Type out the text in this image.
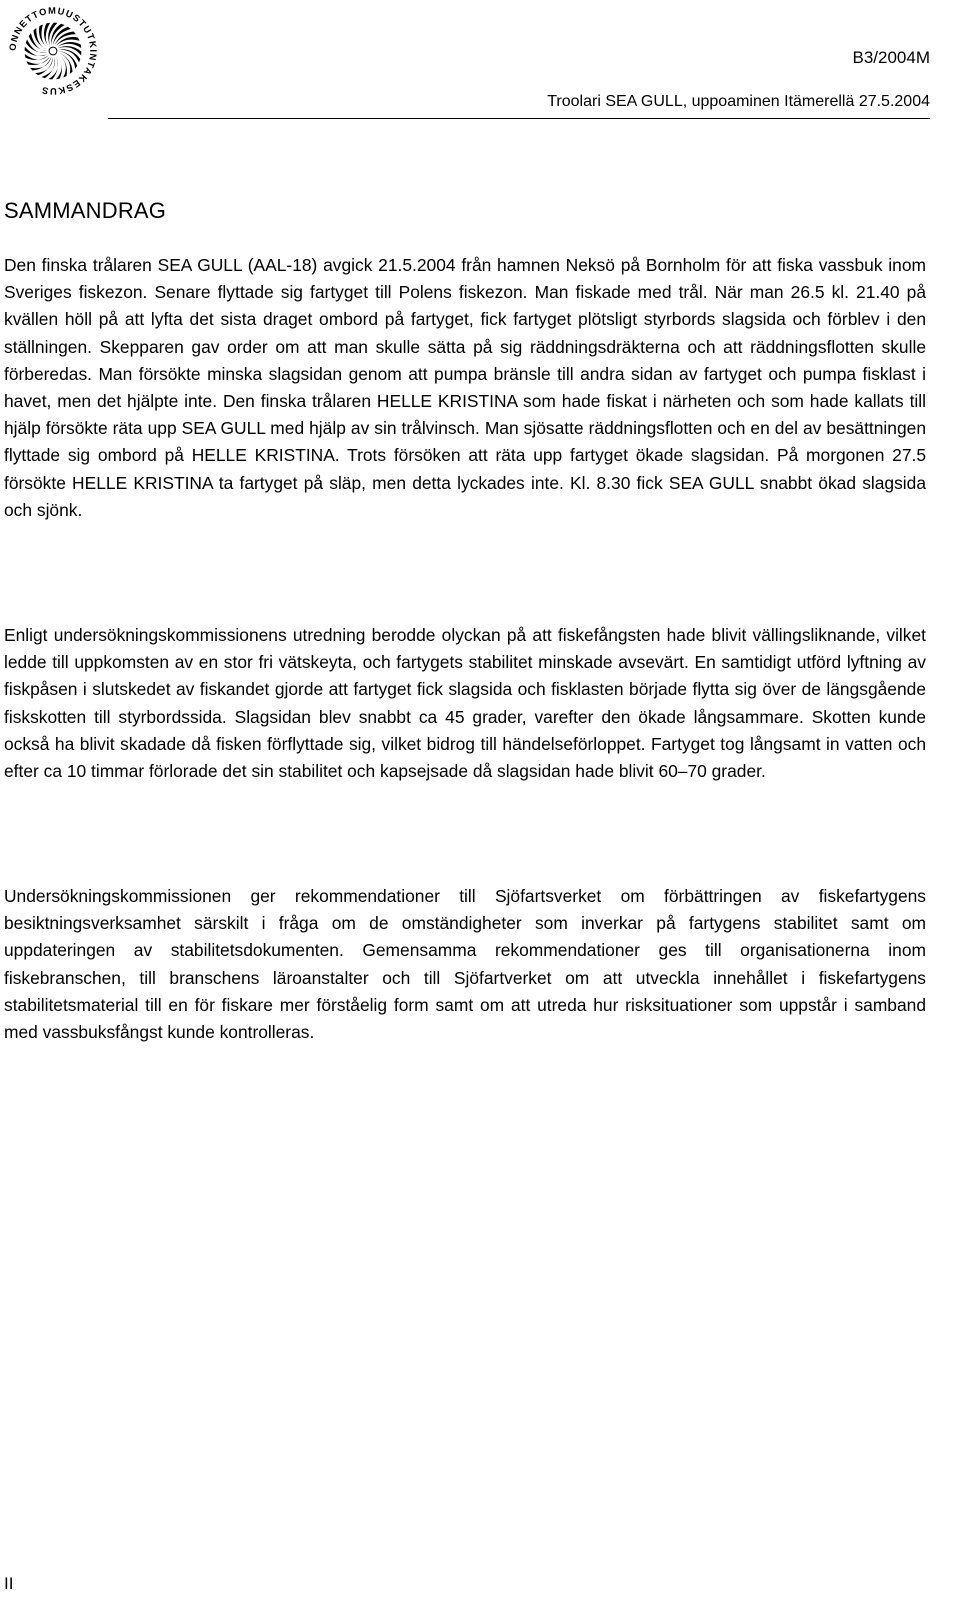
ONNETTOMUUSTUTKINTAKESKUS
B3/2004M
Troolari SEA GULL, uppoaminen Itämerellä 27.5.2004
SAMMANDRAG

Den finska trålaren SEA GULL (AAL-18) avgick 21.5.2004 från hamnen Neksö på Bornholm för att fiska vassbuk inom Sveriges fiskezon. Senare flyttade sig fartyget till Polens fiskezon. Man fiskade med trål. När man 26.5 kl. 21.40 på kvällen höll på att lyfta det sista draget ombord på fartyget, fick fartyget plötsligt styrbords slagsida och förblev i den ställningen. Skepparen gav order om att man skulle sätta på sig räddningsdräkterna och att räddningsflotten skulle förberedas. Man försökte minska slagsidan genom att pumpa bränsle till andra sidan av fartyget och pumpa fisklast i havet, men det hjälpte inte. Den finska trålaren HELLE KRISTINA som hade fiskat i närheten och som hade kallats till hjälp försökte räta upp SEA GULL med hjälp av sin trålvinsch. Man sjösatte räddningsflotten och en del av besättningen flyttade sig ombord på HELLE KRISTINA. Trots försöken att räta upp fartyget ökade slagsidan. På morgonen 27.5 försökte HELLE KRISTINA ta fartyget på släp, men detta lyckades inte. Kl. 8.30 fick SEA GULL snabbt ökad slagsida och sjönk.

Enligt undersökningskommissionens utredning berodde olyckan på att fiskefångsten hade blivit vällingsliknande, vilket ledde till uppkomsten av en stor fri vätskeyta, och fartygets stabilitet minskade avsevärt. En samtidigt utförd lyftning av fiskpåsen i slutskedet av fiskandet gjorde att fartyget fick slagsida och fisklasten började flytta sig över de längsgående fiskskotten till styrbordssida. Slagsidan blev snabbt ca 45 grader, varefter den ökade långsammare. Skotten kunde också ha blivit skadade då fisken förflyttade sig, vilket bidrog till händelseförloppet. Fartyget tog långsamt in vatten och efter ca 10 timmar förlorade det sin stabilitet och kapsejsade då slagsidan hade blivit 60–70 grader.

Undersökningskommissionen ger rekommendationer till Sjöfartsverket om förbättringen av fiskefartygens besiktningsverksamhet särskilt i fråga om de omständigheter som inverkar på fartygens stabilitet samt om uppdateringen av stabilitetsdokumenten. Gemensamma rekommendationer ges till organisationerna inom fiskebranschen, till branschens läroanstalter och till Sjöfartverket om att utveckla innehållet i fiskefartygens stabilitetsmaterial till en för fiskare mer förståelig form samt om att utreda hur risksituationer som uppstår i samband med vassbuksfångst kunde kontrolleras.

II
